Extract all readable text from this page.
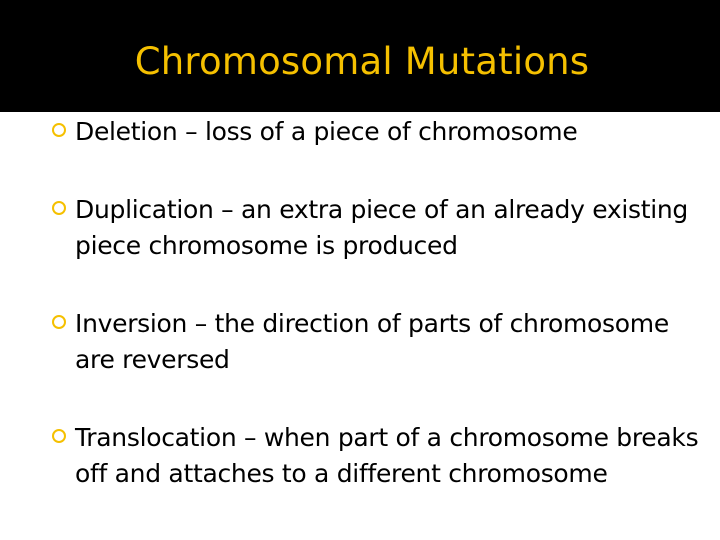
Chromosomal Mutations
Deletion – loss of a piece of chromosome
Duplication – an extra piece of an already existing piece chromosome is produced
Inversion – the direction of parts of chromosome are reversed
Translocation – when part of a chromosome breaks off and attaches to a different chromosome
